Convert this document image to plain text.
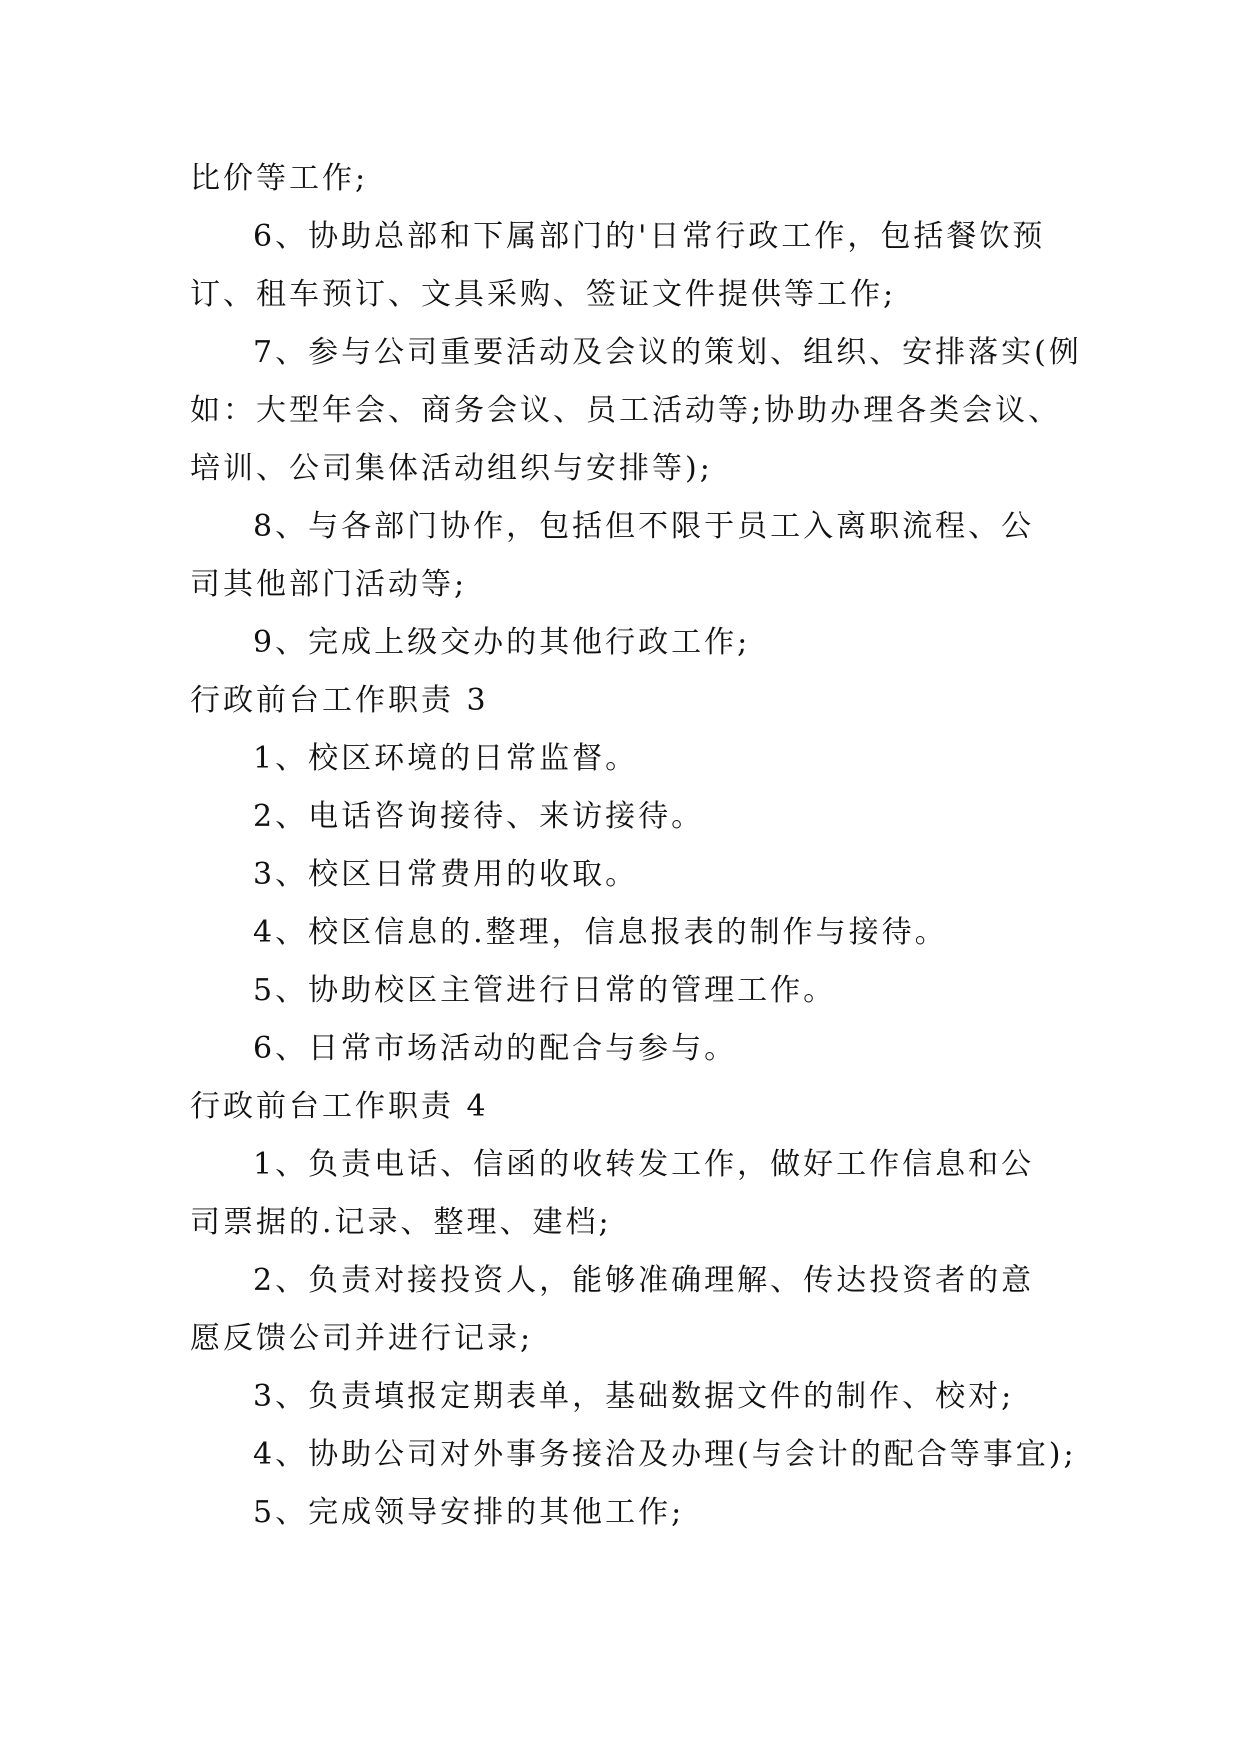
比价等工作;
6、协助总部和下属部门的'日常行政工作，包括餐饮预
订、租车预订、文具采购、签证文件提供等工作;
7、参与公司重要活动及会议的策划、组织、安排落实(例
如：大型年会、商务会议、员工活动等;协助办理各类会议、
培训、公司集体活动组织与安排等);
8、与各部门协作，包括但不限于员工入离职流程、公
司其他部门活动等;
9、完成上级交办的其他行政工作;
行政前台工作职责 3
1、校区环境的日常监督。
2、电话咨询接待、来访接待。
3、校区日常费用的收取。
4、校区信息的.整理，信息报表的制作与接待。
5、协助校区主管进行日常的管理工作。
6、日常市场活动的配合与参与。
行政前台工作职责 4
1、负责电话、信函的收转发工作，做好工作信息和公
司票据的.记录、整理、建档;
2、负责对接投资人，能够准确理解、传达投资者的意
愿反馈公司并进行记录;
3、负责填报定期表单，基础数据文件的制作、校对;
4、协助公司对外事务接洽及办理(与会计的配合等事宜);
5、完成领导安排的其他工作;
